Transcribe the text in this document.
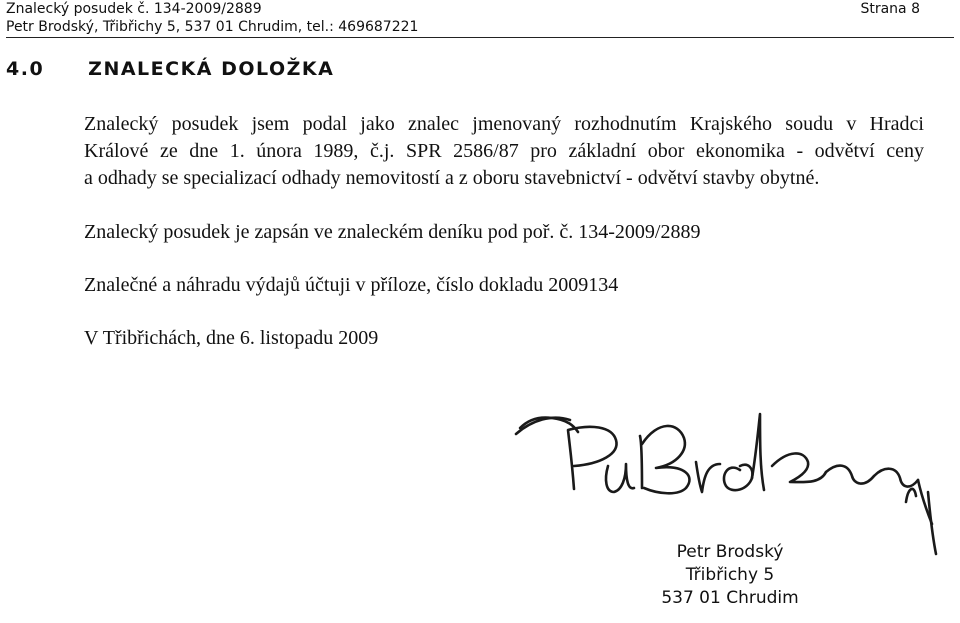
Znalecký posudek č. 134-2009/2889
Petr Brodský, Třibřichy 5, 537 01 Chrudim, tel.: 469687221
Strana 8
4.0 ZNALECKÁ DOLOŽKA
Znalecký posudek jsem podal jako znalec jmenovaný rozhodnutím Krajského soudu v Hradci
Králové ze dne 1. února 1989, č.j. SPR 2586/87 pro základní obor ekonomika - odvětví ceny
a odhady se specializací odhady nemovitostí a z oboru stavebnictví - odvětví stavby obytné.
Znalecký posudek je zapsán ve znaleckém deníku pod poř. č. 134-2009/2889
Znalečné a náhradu výdajů účtuji v příloze, číslo dokladu 2009134
V Třibřichách, dne 6. listopadu 2009
Petr Brodský
Třibřichy 5
537 01 Chrudim
